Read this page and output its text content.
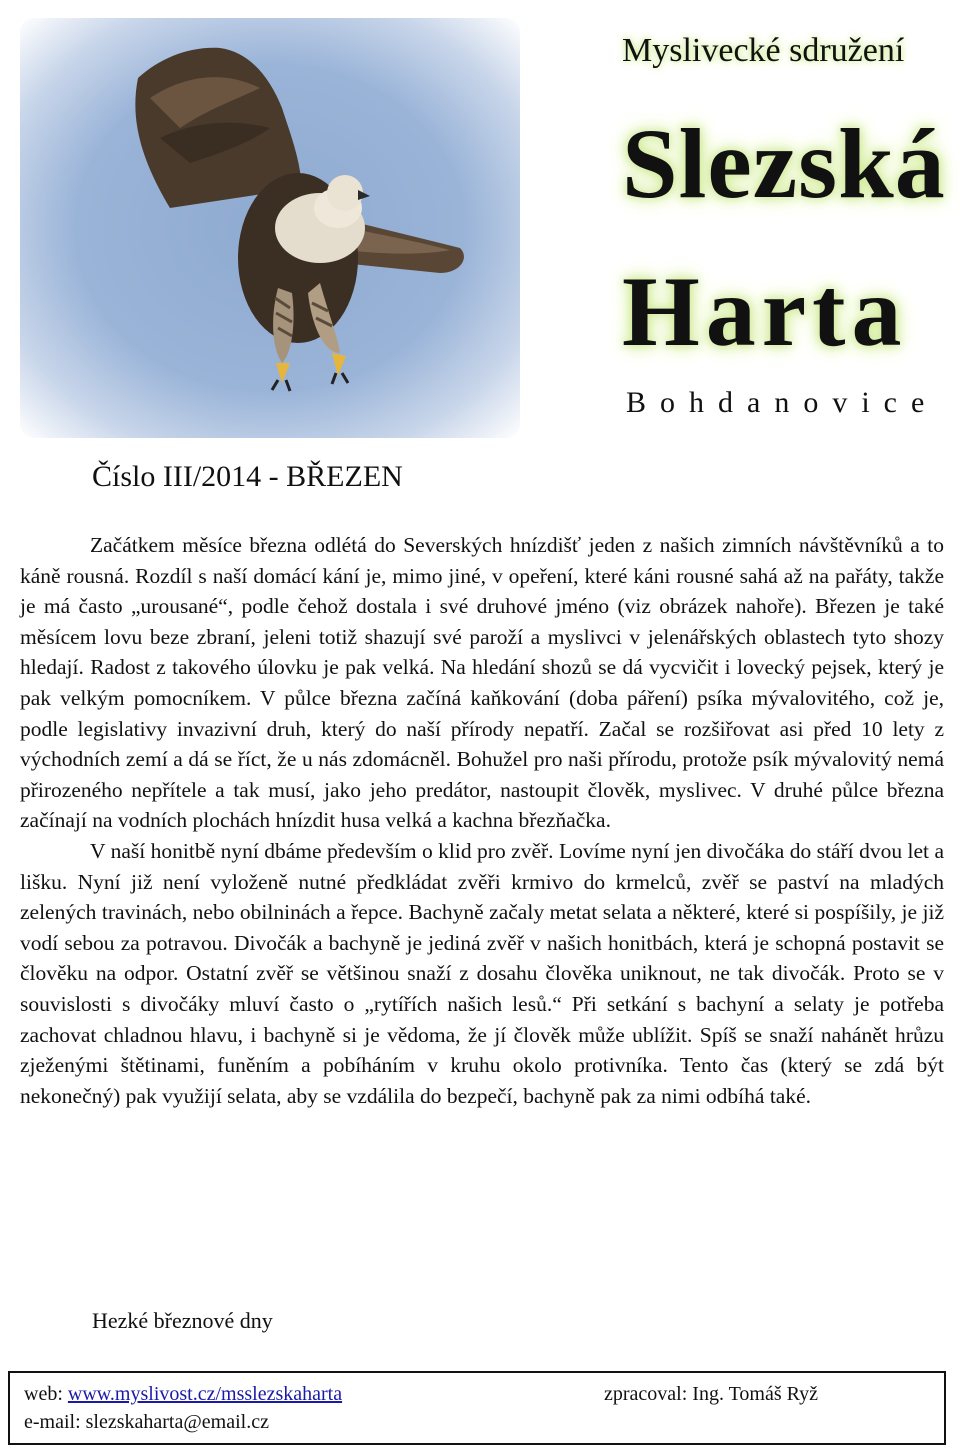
Myslivecké sdružení
Slezská
Harta
Bohdanovice
Číslo III/2014 - BŘEZEN

Začátkem měsíce března odlétá do Severských hnízdišť jeden z našich zimních návštěvníků a to káně rousná. Rozdíl s naší domácí kání je, mimo jiné, v opeření, které káni rousné sahá až na pařáty, takže je má často „urousané“, podle čehož dostala i své druhové jméno (viz obrázek nahoře). Březen je také měsícem lovu beze zbraní, jeleni totiž shazují své paroží a myslivci v jelenářských oblastech tyto shozy hledají. Radost z takového úlovku je pak velká. Na hledání shozů se dá vycvičit i lovecký pejsek, který je pak velkým pomocníkem. V půlce března začíná kaňkování (doba páření) psíka mývalovitého, což je, podle legislativy invazivní druh, který do naší přírody nepatří. Začal se rozšiřovat asi před 10 lety z východních zemí a dá se říct, že u nás zdomácněl. Bohužel pro naši přírodu, protože psík mývalovitý nemá přirozeného nepřítele a tak musí, jako jeho predátor, nastoupit člověk, myslivec. V druhé půlce března začínají na vodních plochách hnízdit husa velká a kachna březňačka.

V naší honitbě nyní dbáme především o klid pro zvěř. Lovíme nyní jen divočáka do stáří dvou let a lišku. Nyní již není vyloženě nutné předkládat zvěři krmivo do krmelců, zvěř se paství na mladých zelených travinách, nebo obilninách a řepce. Bachyně začaly metat selata a některé, které si pospíšily, je již vodí sebou za potravou. Divočák a bachyně je jediná zvěř v našich honitbách, která je schopná postavit se člověku na odpor. Ostatní zvěř se většinou snaží z dosahu člověka uniknout, ne tak divočák. Proto se v souvislosti s divočáky mluví často o „rytířích našich lesů.“ Při setkání s bachyní a selaty je potřeba zachovat chladnou hlavu, i bachyně si je vědoma, že jí člověk může ublížit. Spíš se snaží nahánět hrůzu zježenými štětinami, funěním a pobíháním v kruhu okolo protivníka. Tento čas (který se zdá být nekonečný) pak využijí selata, aby se vzdálila do bezpečí, bachyně pak za nimi odbíhá také.

Hezké březnové dny
web: www.myslivost.cz/msslezskaharta
e-mail: slezskaharta@email.cz
zpracoval: Ing. Tomáš Ryž
